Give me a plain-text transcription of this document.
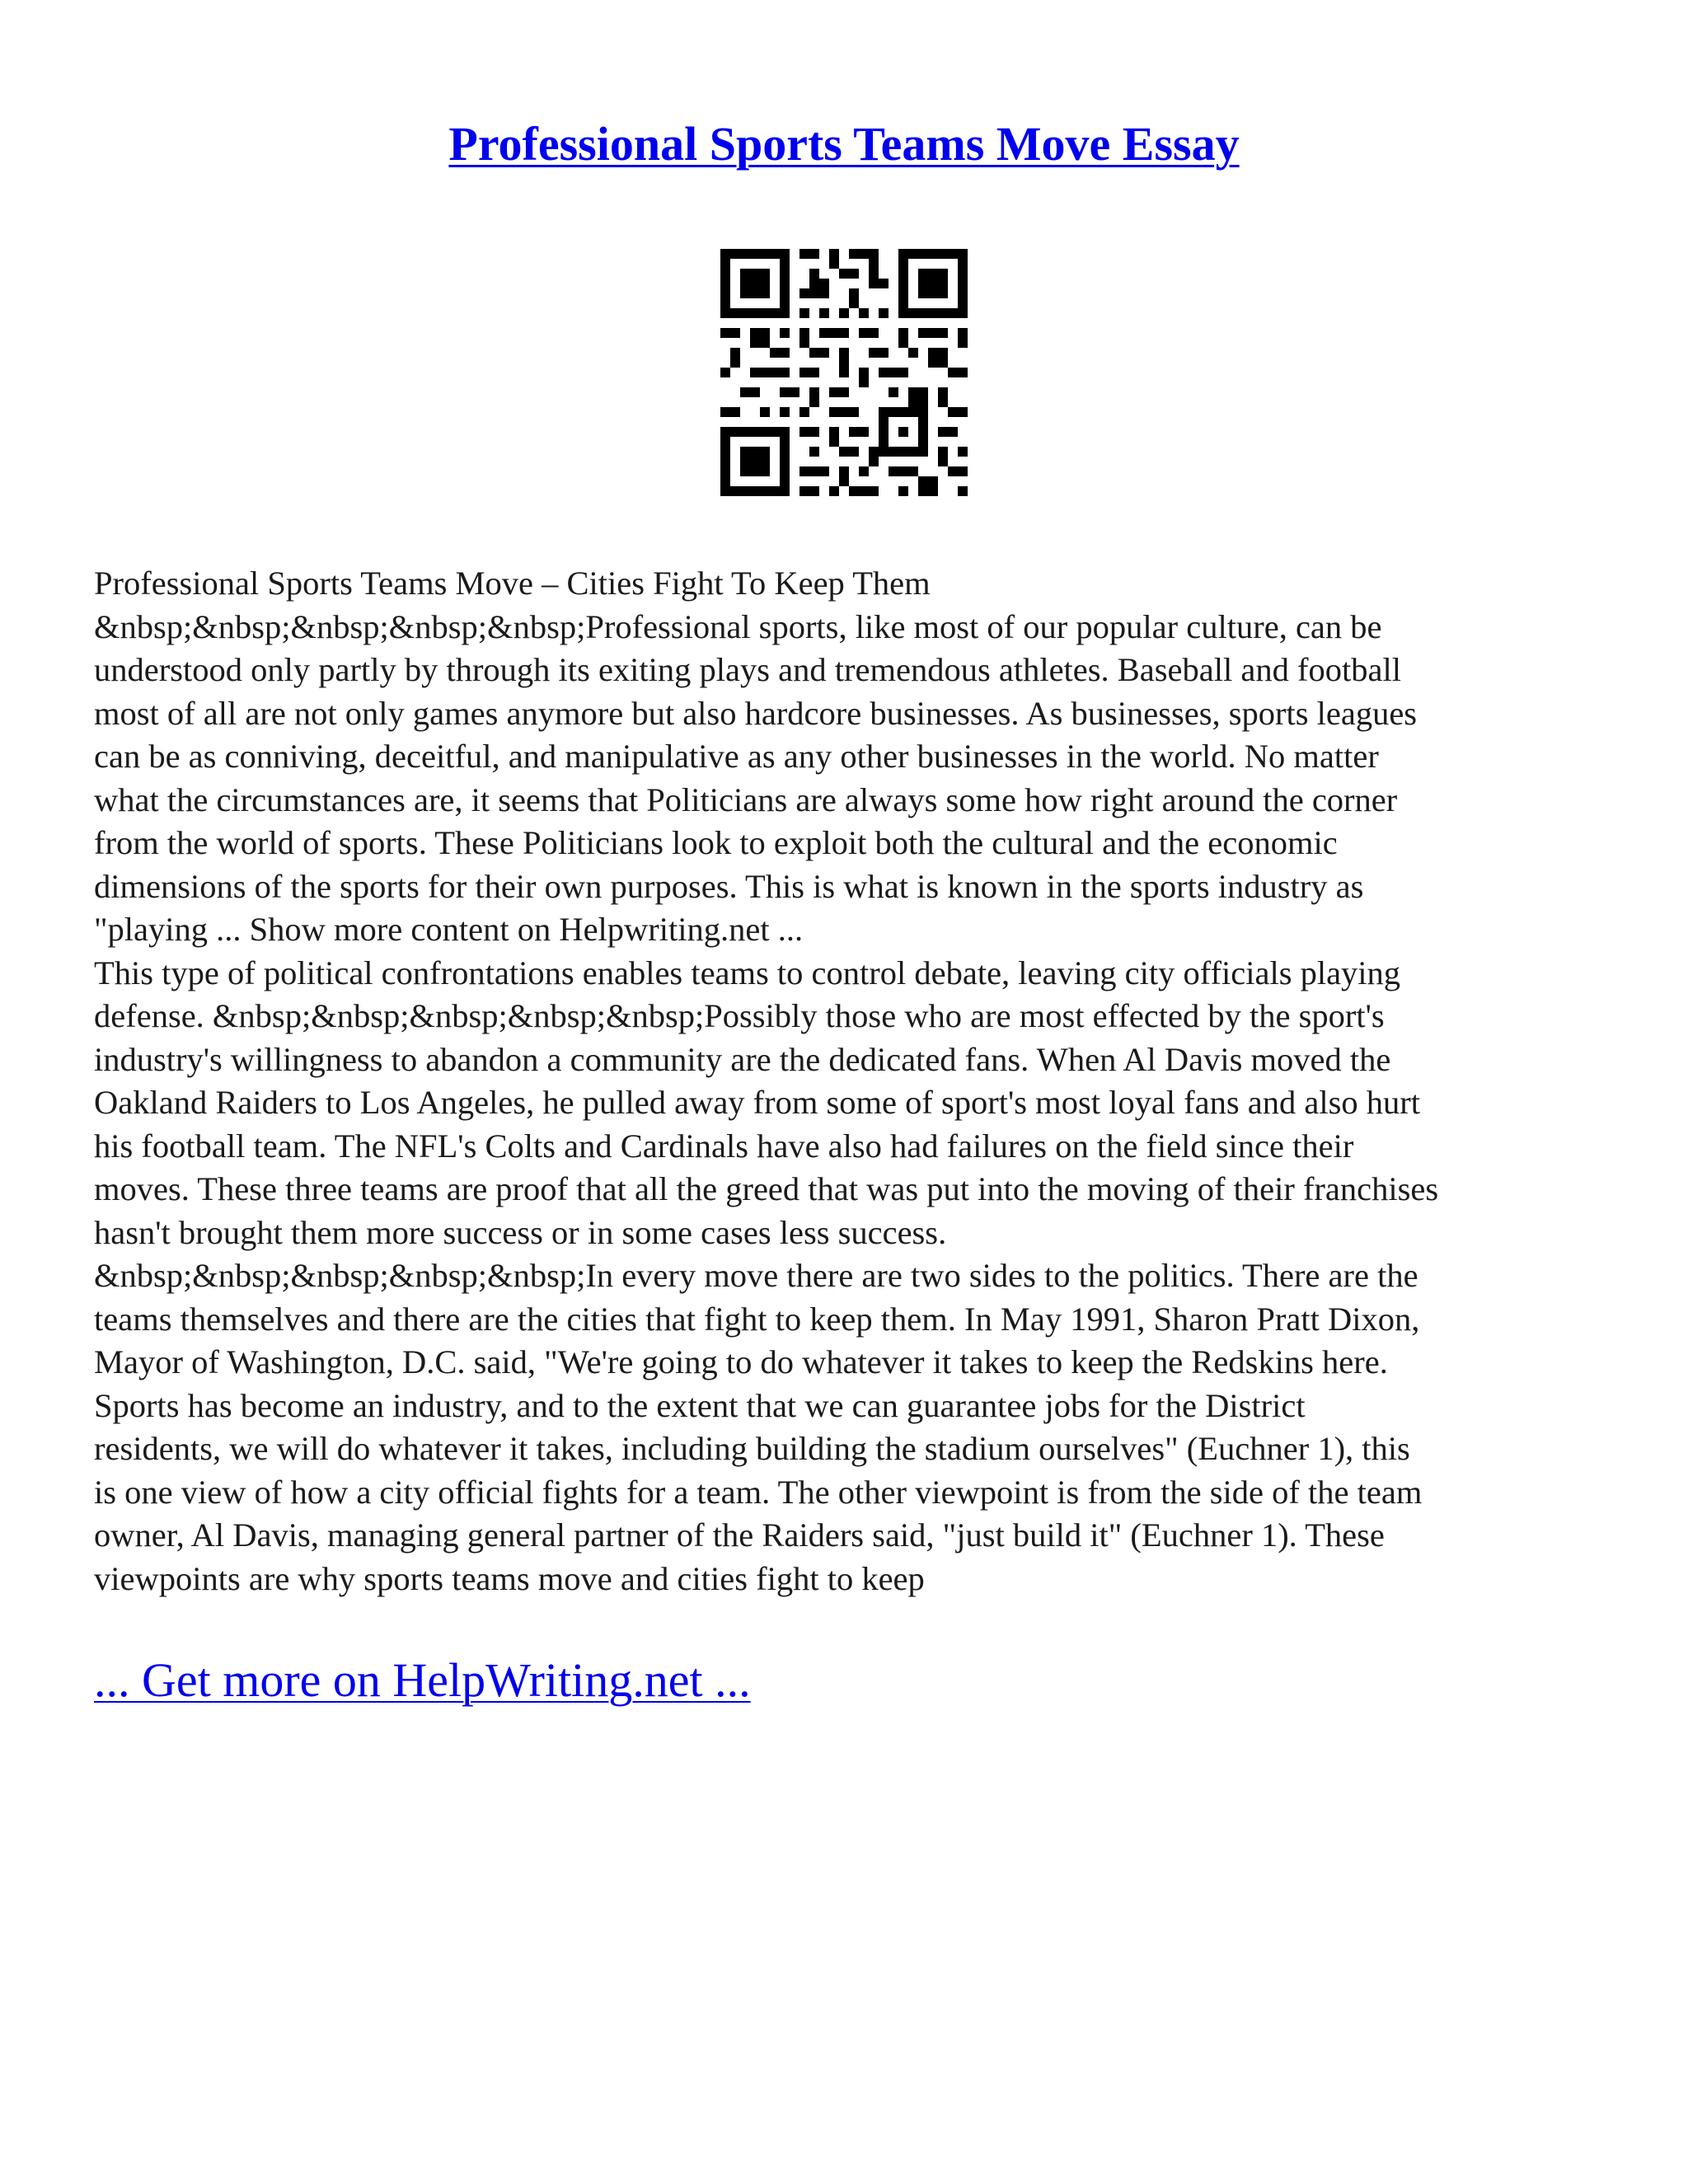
Professional Sports Teams Move Essay

Professional Sports Teams Move – Cities Fight To Keep Them
&nbsp;&nbsp;&nbsp;&nbsp;&nbsp;Professional sports, like most of our popular culture, can be
understood only partly by through its exiting plays and tremendous athletes. Baseball and football
most of all are not only games anymore but also hardcore businesses. As businesses, sports leagues
can be as conniving, deceitful, and manipulative as any other businesses in the world. No matter
what the circumstances are, it seems that Politicians are always some how right around the corner
from the world of sports. These Politicians look to exploit both the cultural and the economic
dimensions of the sports for their own purposes. This is what is known in the sports industry as
"playing ... Show more content on Helpwriting.net ...
This type of political confrontations enables teams to control debate, leaving city officials playing
defense. &nbsp;&nbsp;&nbsp;&nbsp;&nbsp;Possibly those who are most effected by the sport's
industry's willingness to abandon a community are the dedicated fans. When Al Davis moved the
Oakland Raiders to Los Angeles, he pulled away from some of sport's most loyal fans and also hurt
his football team. The NFL's Colts and Cardinals have also had failures on the field since their
moves. These three teams are proof that all the greed that was put into the moving of their franchises
hasn't brought them more success or in some cases less success.
&nbsp;&nbsp;&nbsp;&nbsp;&nbsp;In every move there are two sides to the politics. There are the
teams themselves and there are the cities that fight to keep them. In May 1991, Sharon Pratt Dixon,
Mayor of Washington, D.C. said, "We're going to do whatever it takes to keep the Redskins here.
Sports has become an industry, and to the extent that we can guarantee jobs for the District
residents, we will do whatever it takes, including building the stadium ourselves" (Euchner 1), this
is one view of how a city official fights for a team. The other viewpoint is from the side of the team
owner, Al Davis, managing general partner of the Raiders said, "just build it" (Euchner 1). These
viewpoints are why sports teams move and cities fight to keep

... Get more on HelpWriting.net ...
